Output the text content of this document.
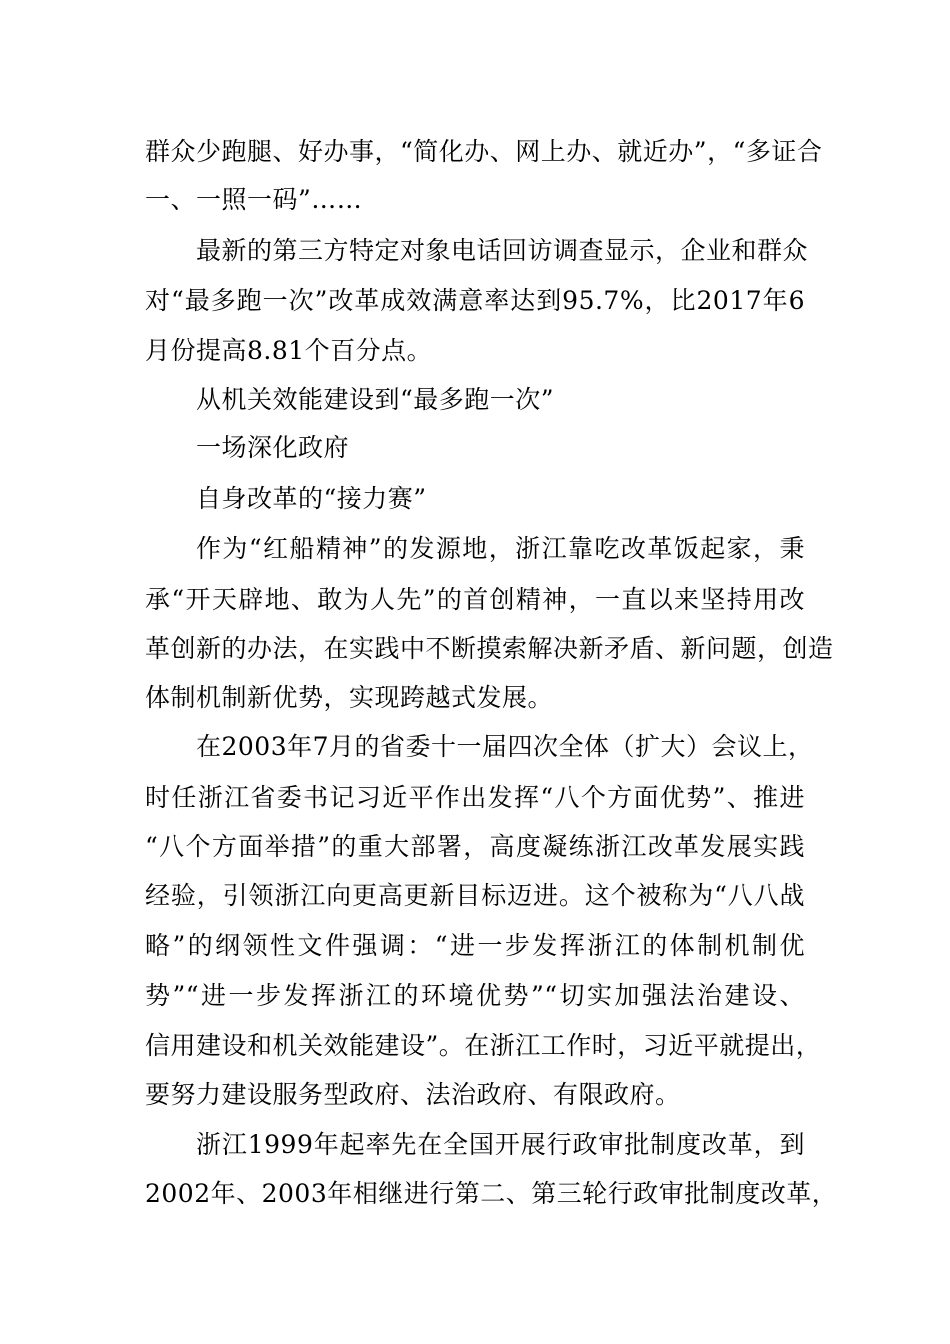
群众少跑腿、好办事，“简化办、网上办、就近办”，“多证合
一、一照一码”……
最新的第三方特定对象电话回访调查显示，企业和群众
对“最多跑一次”改革成效满意率达到95.7%，比2017年6
月份提高8.81个百分点。
从机关效能建设到“最多跑一次”
一场深化政府
自身改革的“接力赛”
作为“红船精神”的发源地，浙江靠吃改革饭起家，秉
承“开天辟地、敢为人先”的首创精神，一直以来坚持用改
革创新的办法，在实践中不断摸索解决新矛盾、新问题，创造
体制机制新优势，实现跨越式发展。
在2003年7月的省委十一届四次全体（扩大）会议上，
时任浙江省委书记习近平作出发挥“八个方面优势”、推进
“八个方面举措”的重大部署，高度凝练浙江改革发展实践
经验，引领浙江向更高更新目标迈进。这个被称为“八八战
略”的纲领性文件强调：“进一步发挥浙江的体制机制优
势”“进一步发挥浙江的环境优势”“切实加强法治建设、
信用建设和机关效能建设”。在浙江工作时，习近平就提出，
要努力建设服务型政府、法治政府、有限政府。
浙江1999年起率先在全国开展行政审批制度改革，到
2002年、2003年相继进行第二、第三轮行政审批制度改革，
